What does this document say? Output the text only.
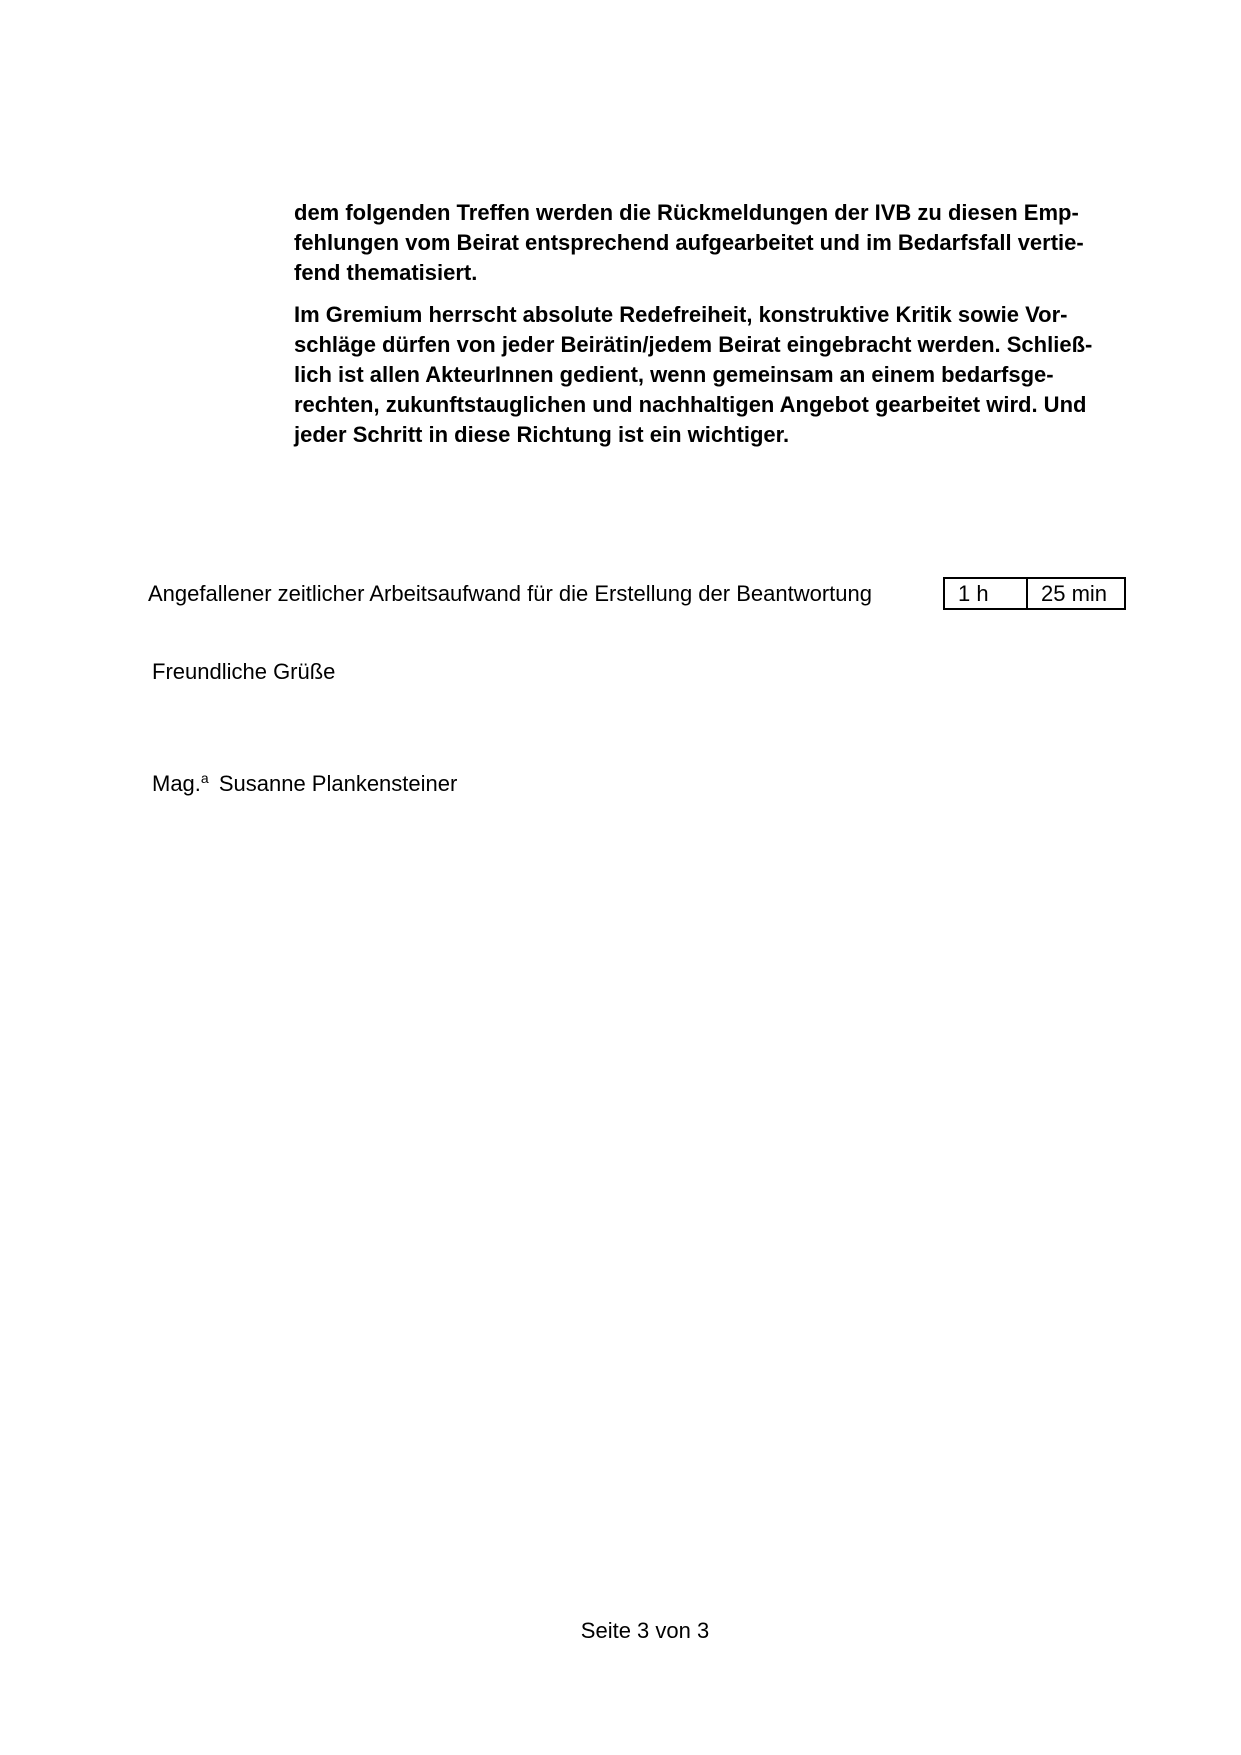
dem folgenden Treffen werden die Rückmeldungen der IVB zu diesen Emp-
fehlungen vom Beirat entsprechend aufgearbeitet und im Bedarfsfall vertie-
fend thematisiert.
Im Gremium herrscht absolute Redefreiheit, konstruktive Kritik sowie Vor-
schläge dürfen von jeder Beirätin/jedem Beirat eingebracht werden. Schließ-
lich ist allen AkteurInnen gedient, wenn gemeinsam an einem bedarfsge-
rechten, zukunftstauglichen und nachhaltigen Angebot gearbeitet wird. Und
jeder Schritt in diese Richtung ist ein wichtiger.
Angefallener zeitlicher Arbeitsaufwand für die Erstellung der Beantwortung	1 h	25 min
Freundliche Grüße
Mag.$^a$ Susanne Plankensteiner
Seite 3 von 3
